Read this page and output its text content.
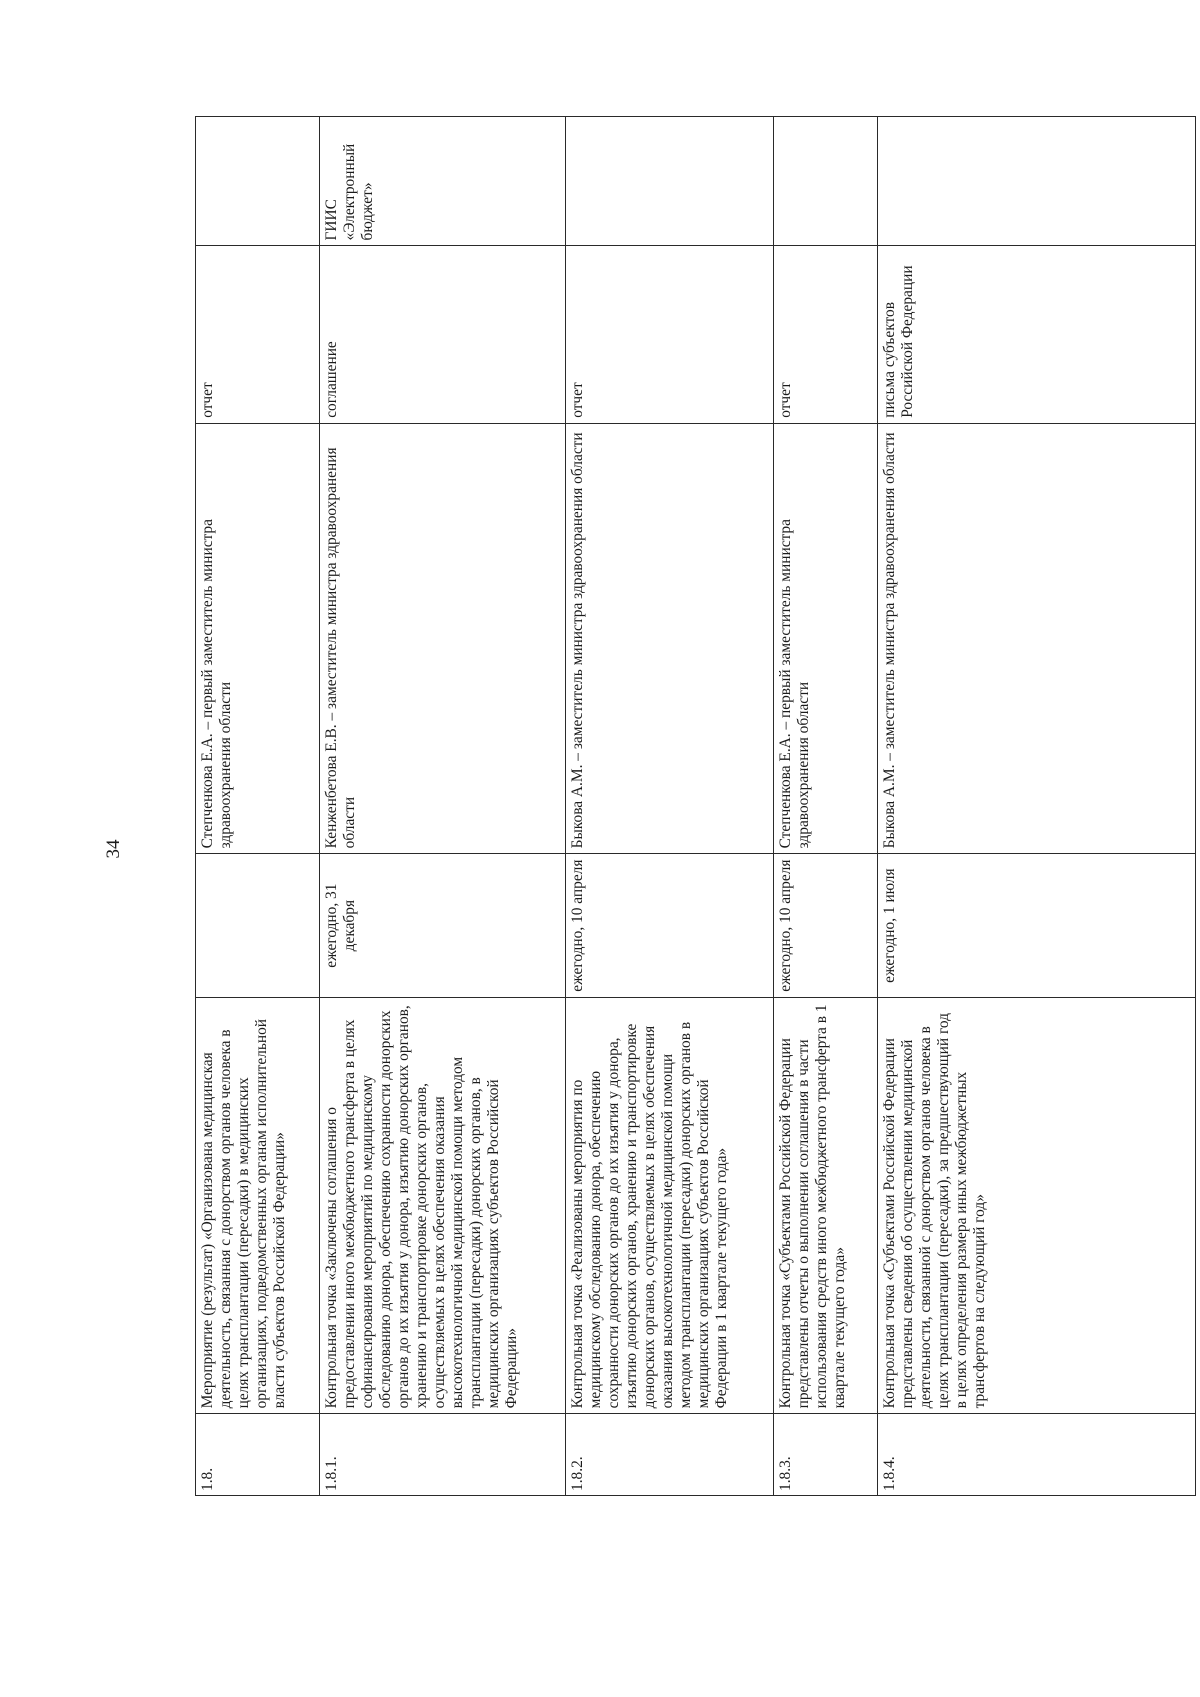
34
1.8.	Мероприятие (результат) «Организована медицинская деятельность, связанная с донорством органов человека в целях трансплантации (пересадки) в медицинских организациях, подведомственных органам исполнительной власти субъектов Российской Федерации»		Степченкова Е.А. – первый заместитель министра здравоохранения области	отчет	
1.8.1.	Контрольная точка «Заключены соглашения о предоставлении иного межбюджетного трансферта в целях софинансирования мероприятий по медицинскому обследованию донора, обеспечению сохранности донорских органов до их изъятия у донора, изъятию донорских органов, хранению и транспортировке донорских органов, осуществляемых в целях обеспечения оказания высокотехнологичной медицинской помощи методом трансплантации (пересадки) донорских органов, в медицинских организациях субъектов Российской Федерации»	ежегодно, 31 декабря	Кенженбетова Е.В. – заместитель министра здравоохранения области	соглашение	ГИИС «Электронный бюджет»
1.8.2.	Контрольная точка «Реализованы мероприятия по медицинскому обследованию донора, обеспечению сохранности донорских органов до их изъятия у донора, изъятию донорских органов, хранению и транспортировке донорских органов, осуществляемых в целях обеспечения оказания высокотехнологичной медицинской помощи методом трансплантации (пересадки) донорских органов в медицинских организациях субъектов Российской Федерации в 1 квартале текущего года»	ежегодно, 10 апреля	Быкова А.М. – заместитель министра здравоохранения области	отчет	
1.8.3.	Контрольная точка «Субъектами Российской Федерации представлены отчеты о выполнении соглашения в части использования средств иного межбюджетного трансферта в 1 квартале текущего года»	ежегодно, 10 апреля	Степченкова Е.А. – первый заместитель министра здравоохранения области	отчет	
1.8.4.	Контрольная точка «Субъектами Российской Федерации представлены сведения об осуществлении медицинской деятельности, связанной с донорством органов человека в целях трансплантации (пересадки), за предшествующий год в целях определения размера иных межбюджетных трансфертов на следующий год»	ежегодно, 1 июля	Быкова А.М. – заместитель министра здравоохранения области	письма субъектов Российской Федерации	
